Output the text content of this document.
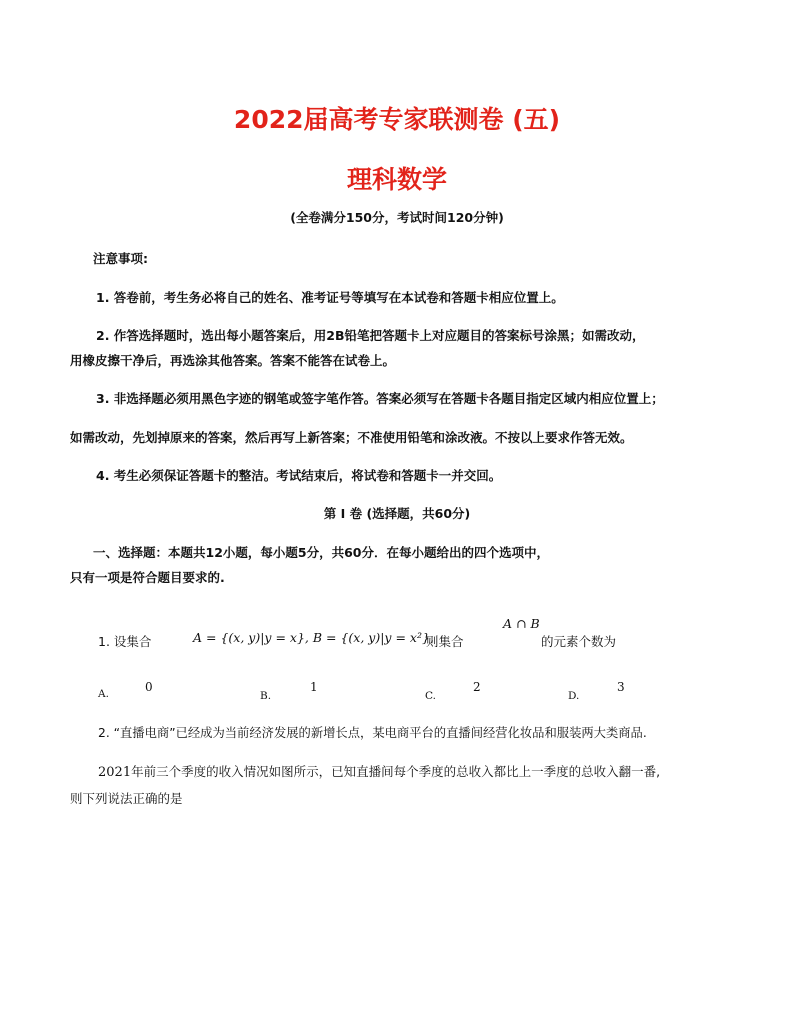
2022届高考专家联测卷 (五)
理科数学
(全卷满分150分，考试时间120分钟)
注意事项:
1. 答卷前，考生务必将自己的姓名、准考证号等填写在本试卷和答题卡相应位置上。
2. 作答选择题时，选出每小题答案后，用2B铅笔把答题卡上对应题目的答案标号涂黑；如需改动，
用橡皮擦干净后，再选涂其他答案。答案不能答在试卷上。
3. 非选择题必须用黑色字迹的钢笔或签字笔作答。答案必须写在答题卡各题目指定区域内相应位置上；
如需改动，先划掉原来的答案，然后再写上新答案；不准使用铅笔和涂改液。不按以上要求作答无效。
4. 考生必须保证答题卡的整洁。考试结束后，将试卷和答题卡一并交回。
第 I 卷 (选择题，共60分)
一、选择题：本题共12小题，每小题5分，共60分．在每小题给出的四个选项中，
只有一项是符合题目要求的.
1. 设集合	A = {(x, y)|y = x}, B = {(x, y)|y = x²},
则集合
A ∩ B
的元素个数为
A.	0
B.
1
C.
2
D.
3
2. “直播电商”已经成为当前经济发展的新增长点，某电商平台的直播间经营化妆品和服装两大类商品.
2021年前三个季度的收入情况如图所示，已知直播间每个季度的总收入都比上一季度的总收入翻一番,
则下列说法正确的是
